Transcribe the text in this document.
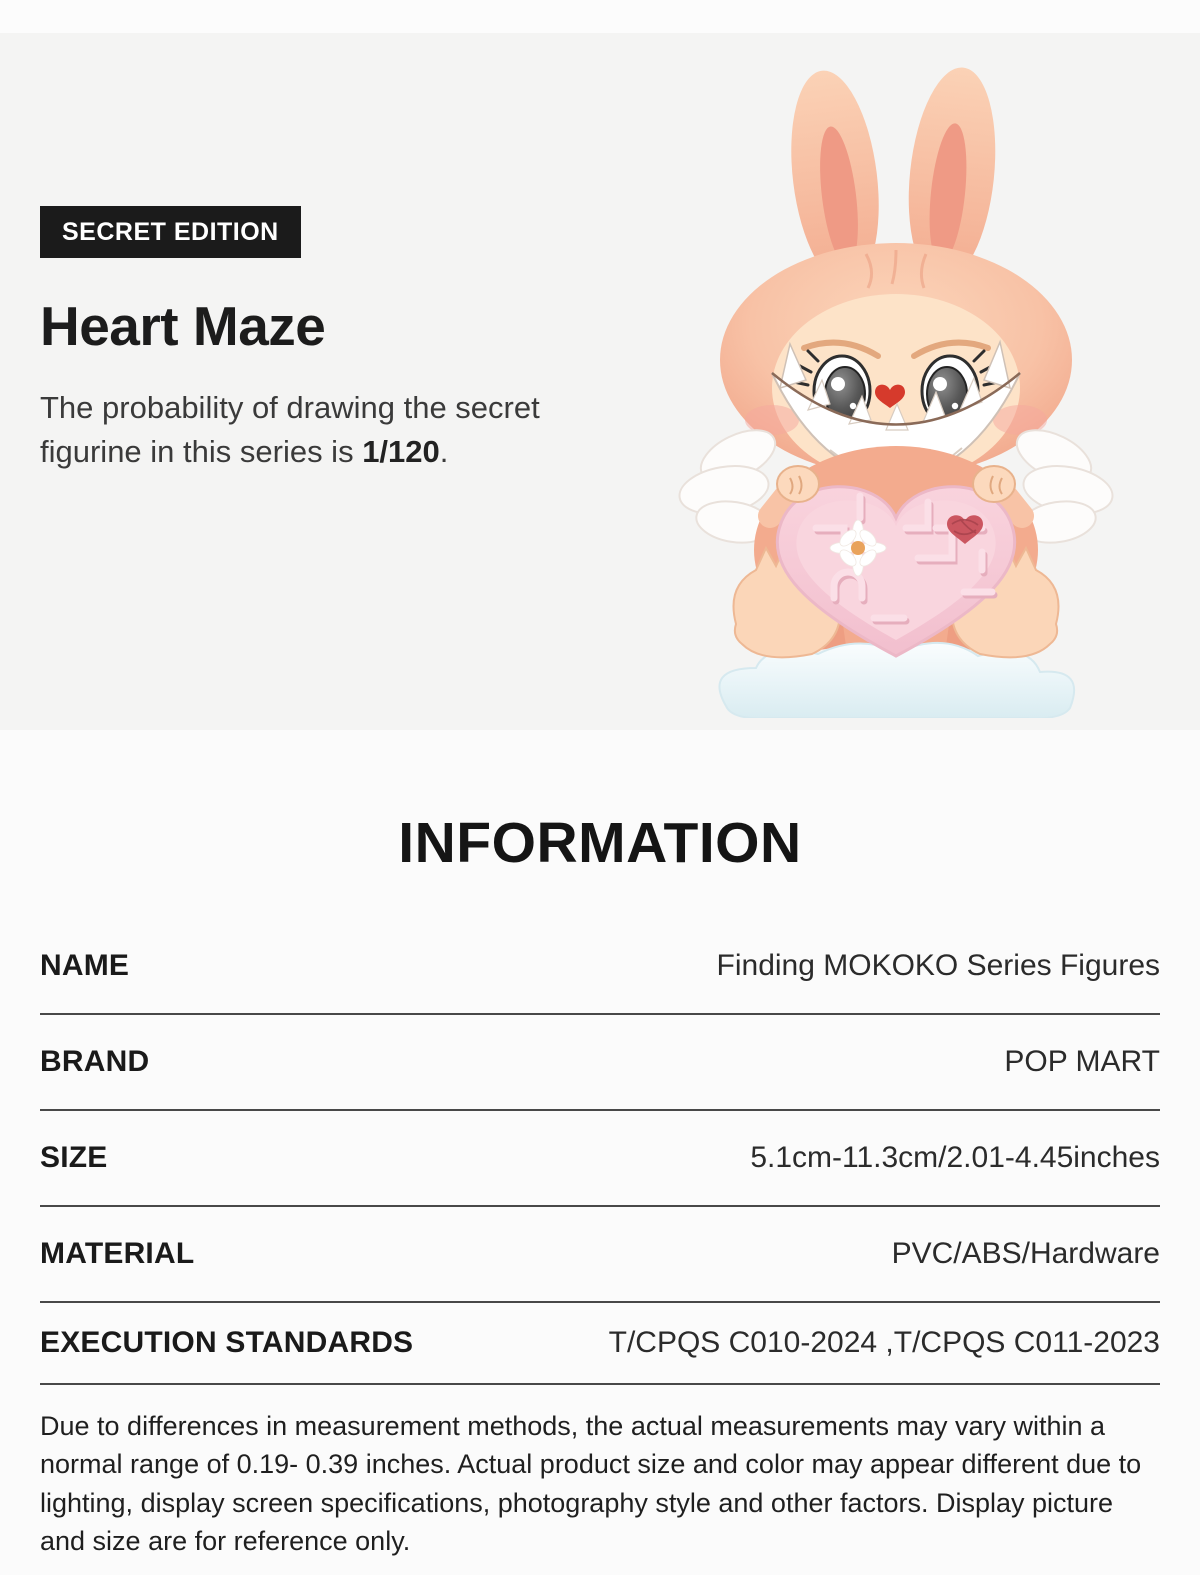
SECRET EDITION
Heart Maze

The probability of drawing the secret figurine in this series is 1/120.

INFORMATION
NAME	Finding MOKOKO Series Figures
BRAND	POP MART
SIZE	5.1cm-11.3cm/2.01-4.45inches
MATERIAL	PVC/ABS/Hardware
EXECUTION STANDARDS	T/CPQS C010-2024 ,T/CPQS C011-2023

Due to differences in measurement methods, the actual measurements may vary within a normal range of 0.19- 0.39 inches. Actual product size and color may appear different due to lighting, display screen specifications, photography style and other factors. Display picture and size are for reference only.
